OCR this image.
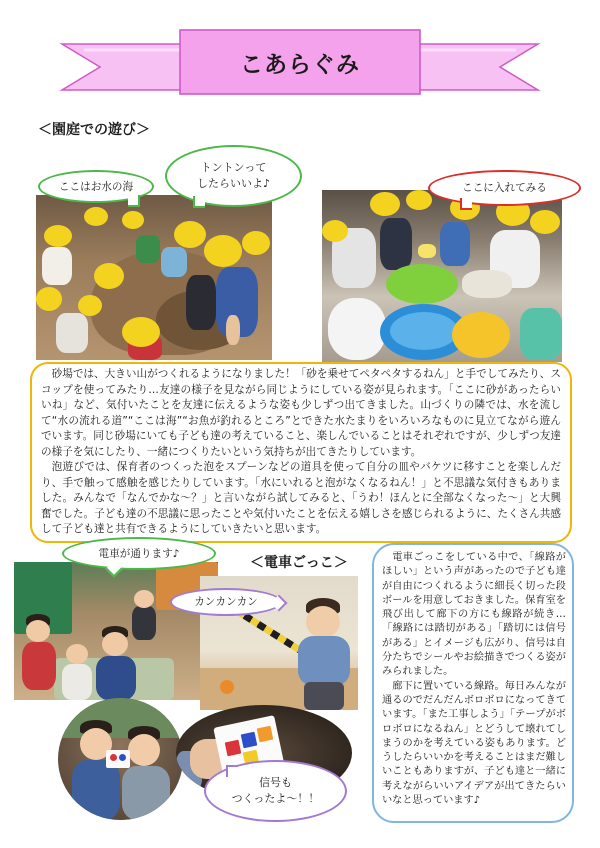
こあらぐみ
＜園庭での遊び＞
ここはお水の海
トントンって
したらいいよ♪	ここに入れてみる

砂場では、大きい山がつくれるようになりました！「砂を乗せてペタペタするねん」と手でしてみたり、スコップを使ってみたり…友達の様子を見ながら同じようにしている姿が見られます。「ここに砂があったらいいね」など、気付いたことを友達に伝えるような姿も少しずつ出てきました。山づくりの隣では、水を流して“水の流れる道”“ここは海”“お魚が釣れるところ”とできた水たまりをいろいろなものに見立てながら遊んでいます。同じ砂場にいても子ども達の考えていること、楽しんでいることはそれぞれですが、少しずつ友達の様子を気にしたり、一緒につくりたいという気持ちが出てきたりしています。

泡遊びでは、保育者のつくった泡をスプーンなどの道具を使って自分の皿やバケツに移すことを楽しんだり、手で触って感触を感じたりしています。「水にいれると泡がなくなるねん！」と不思議な気付きもありました。みんなで「なんでかな～？」と言いながら試してみると、「うわ！ほんとに全部なくなった～」と大興奮でした。子ども達の不思議に思ったことや気付いたことを伝える嬉しさを感じられるように、たくさん共感して子ども達と共有できるようにしていきたいと思います。

＜電車ごっこ＞
電車が通ります♪
カンカンカン
信号も
つくったよ～！！

電車ごっこをしている中で、「線路がほしい」という声があったので子ども達が自由につくれるように細長く切った段ボールを用意しておきました。保育室を飛び出して廊下の方にも線路が続き…「線路には踏切がある」「踏切には信号がある」とイメージも広がり、信号は自分たちでシールやお絵描きでつくる姿がみられました。

廊下に置いている線路。毎日みんなが通るのでだんだんボロボロになってきています。「また工事しよう」「テープがボロボロになるねん」とどうして壊れてしまうのかを考えている姿もあります。どうしたらいいかを考えることはまだ難しいこともありますが、子ども達と一緒に考えながらいいアイデアが出てきたらいいなと思っています♪
